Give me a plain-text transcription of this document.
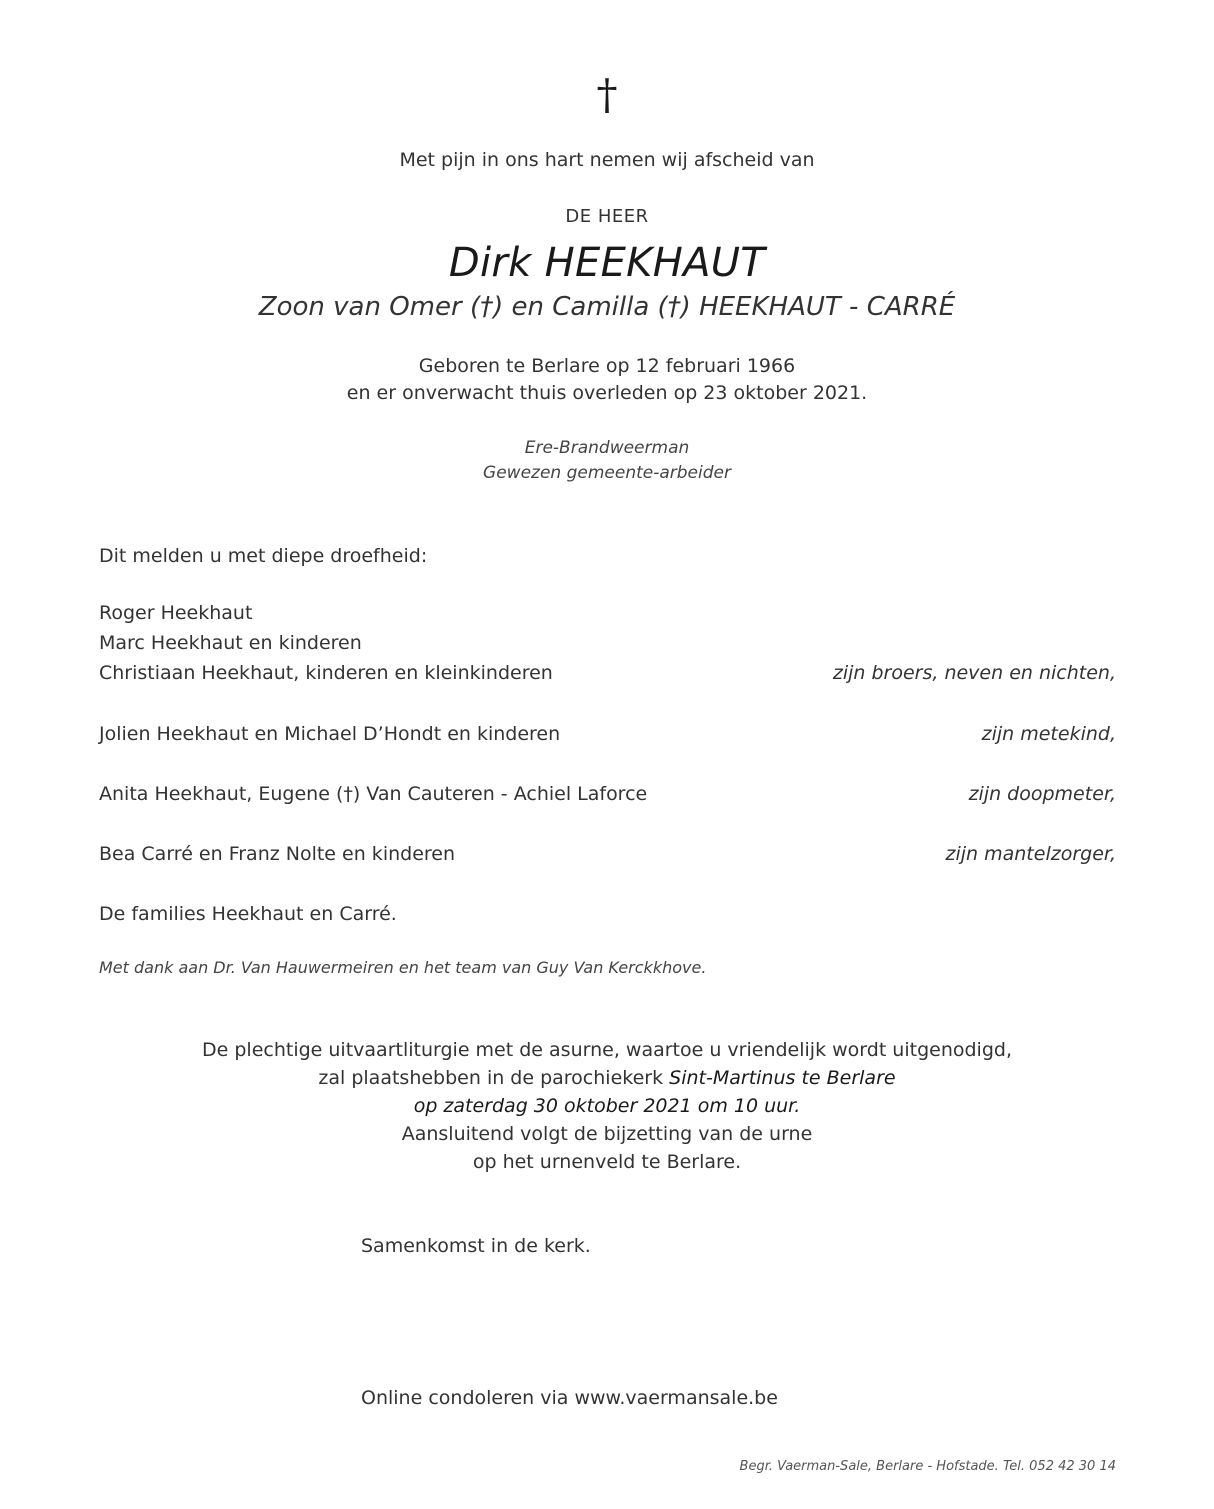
†
Met pijn in ons hart nemen wij afscheid van
DE HEER
Dirk HEEKHAUT
Zoon van Omer (†) en Camilla (†) HEEKHAUT - CARRÉ
Geboren te Berlare op 12 februari 1966
en er onverwacht thuis overleden op 23 oktober 2021.
Ere-Brandweerman
Gewezen gemeente-arbeider
Dit melden u met diepe droefheid:
Roger Heekhaut
Marc Heekhaut en kinderen
Christiaan Heekhaut, kinderen en kleinkinderen	zijn broers, neven en nichten,
Jolien Heekhaut en Michael D’Hondt en kinderen	zijn metekind,
Anita Heekhaut, Eugene (†) Van Cauteren - Achiel Laforce	zijn doopmeter,
Bea Carré en Franz Nolte en kinderen	zijn mantelzorger,
De families Heekhaut en Carré.
Met dank aan Dr. Van Hauwermeiren en het team van Guy Van Kerckkhove.
De plechtige uitvaartliturgie met de asurne, waartoe u vriendelijk wordt uitgenodigd,
zal plaatshebben in de parochiekerk Sint-Martinus te Berlare
op zaterdag 30 oktober 2021 om 10 uur.
Aansluitend volgt de bijzetting van de urne
op het urnenveld te Berlare.
Samenkomst in de kerk.
Online condoleren via www.vaermansale.be
Begr. Vaerman-Sale, Berlare - Hofstade. Tel. 052 42 30 14
